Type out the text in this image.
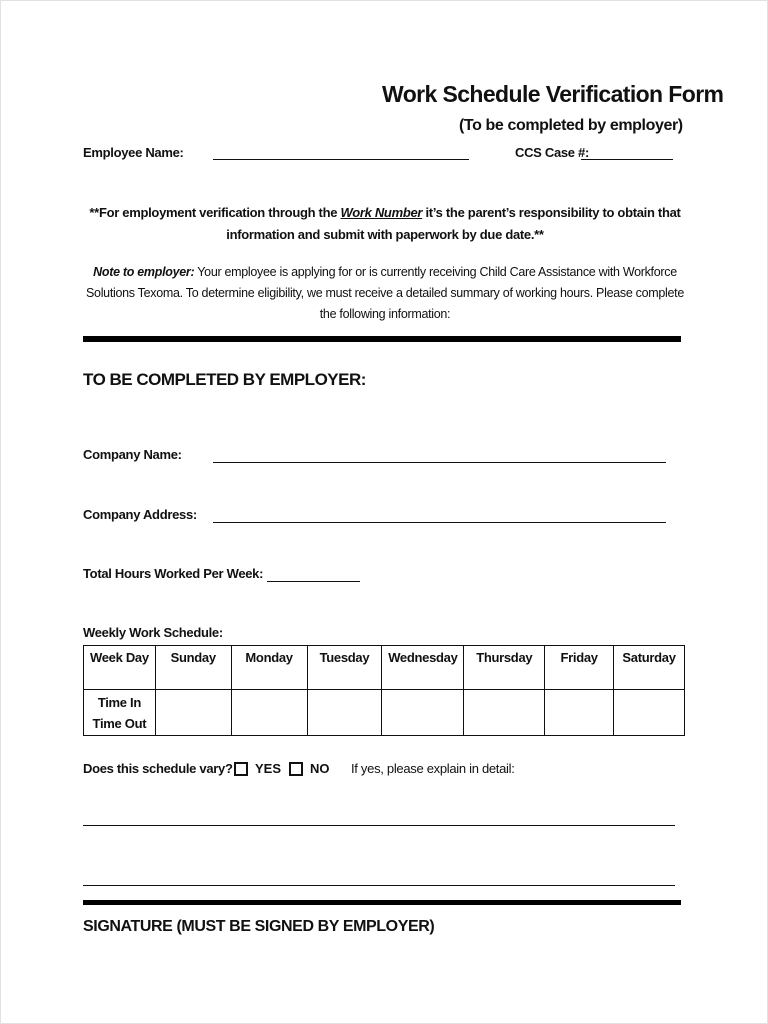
Work Schedule Verification Form
(To be completed by employer)
Employee Name:	CCS Case #:
**For employment verification through the Work Number it’s the parent’s responsibility to obtain that information and submit with paperwork by due date.**
Note to employer: Your employee is applying for or is currently receiving Child Care Assistance with Workforce Solutions Texoma. To determine eligibility, we must receive a detailed summary of working hours. Please complete the following information:
TO BE COMPLETED BY EMPLOYER:
Company Name:
Company Address:
Total Hours Worked Per Week:
Weekly Work Schedule:
Week Day	Sunday	Monday	Tuesday	Wednesday	Thursday	Friday	Saturday

Time In
Time Out							

Does this schedule vary? YES NO If yes, please explain in detail:
SIGNATURE (MUST BE SIGNED BY EMPLOYER)
